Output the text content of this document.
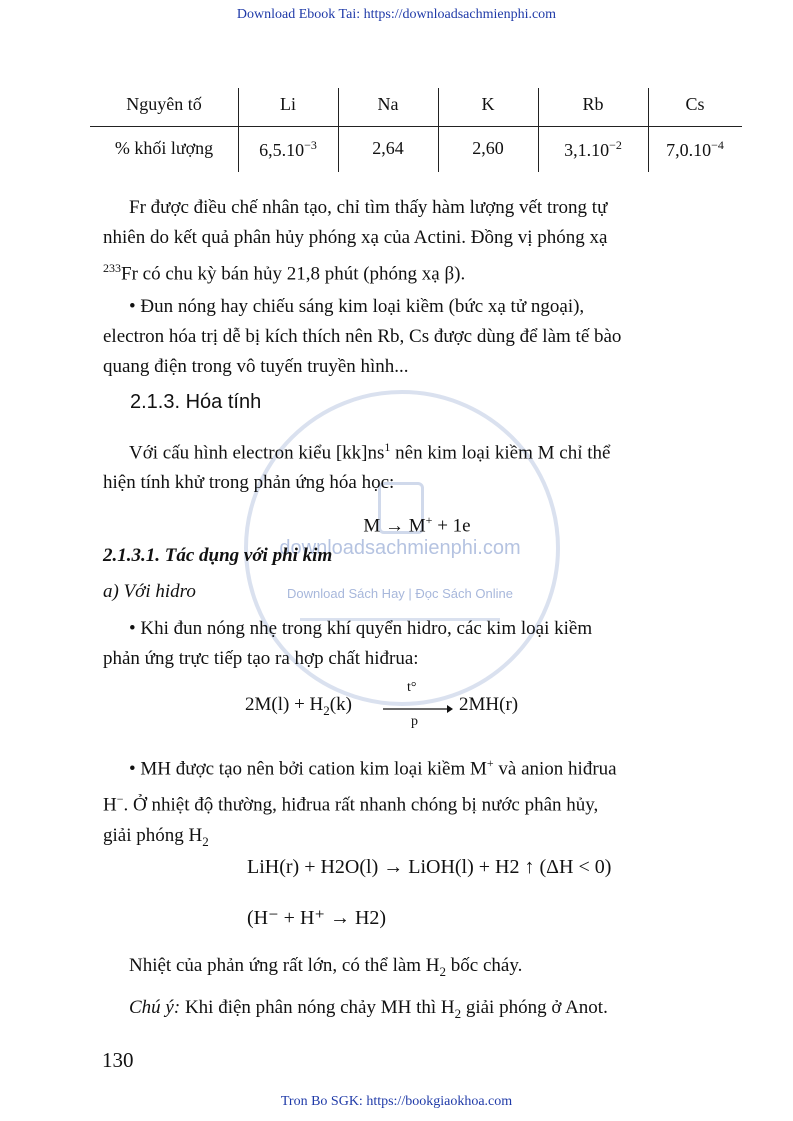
Download Ebook Tai: https://downloadsachmienphi.com
downloadsachmienphi.com
Download Sách Hay | Đọc Sách Online
Nguyên tố	Li	Na	K	Rb	Cs
% khối lượng	$6,5.10^{-3}$	2,64	2,60	$3,1.10^{-2}$	$7,0.10^{-4}$
Fr được điều chế nhân tạo, chỉ tìm thấy hàm lượng vết trong tự
nhiên do kết quả phân hủy phóng xạ của Actini. Đồng vị phóng xạ
$^{233}$Fr có chu kỳ bán hủy 21,8 phút (phóng xạ β).
• Đun nóng hay chiếu sáng kim loại kiềm (bức xạ tử ngoại),
electron hóa trị dễ bị kích thích nên Rb, Cs được dùng để làm tế bào
quang điện trong vô tuyến truyền hình...
2.1.3. Hóa tính
Với cấu hình electron kiểu $[kk]ns^1$ nên kim loại kiềm M chỉ thể
hiện tính khử trong phản ứng hóa học:
M → M+ + 1e
2.1.3.1. Tác dụng với phi kim
a) Với hidro
• Khi đun nóng nhẹ trong khí quyển hidro, các kim loại kiềm
phản ứng trực tiếp tạo ra hợp chất hiđrua:
$2M(l) + H_2(k)$
t°
p
2MH(r)
• MH được tạo nên bởi cation kim loại kiềm M+ và anion hiđrua
H−. Ở nhiệt độ thường, hiđrua rất nhanh chóng bị nước phân hủy,
giải phóng $H_2$
LiH(r) + H2O(l) → LiOH(l) + H2 ↑ (ΔH < 0)
(H⁻ + H⁺ → H2)
Nhiệt của phản ứng rất lớn, có thể làm $H_2$ bốc cháy.
Chú ý: Khi điện phân nóng chảy MH thì $H_2$ giải phóng ở Anot.
130
Tron Bo SGK: https://bookgiaokhoa.com
